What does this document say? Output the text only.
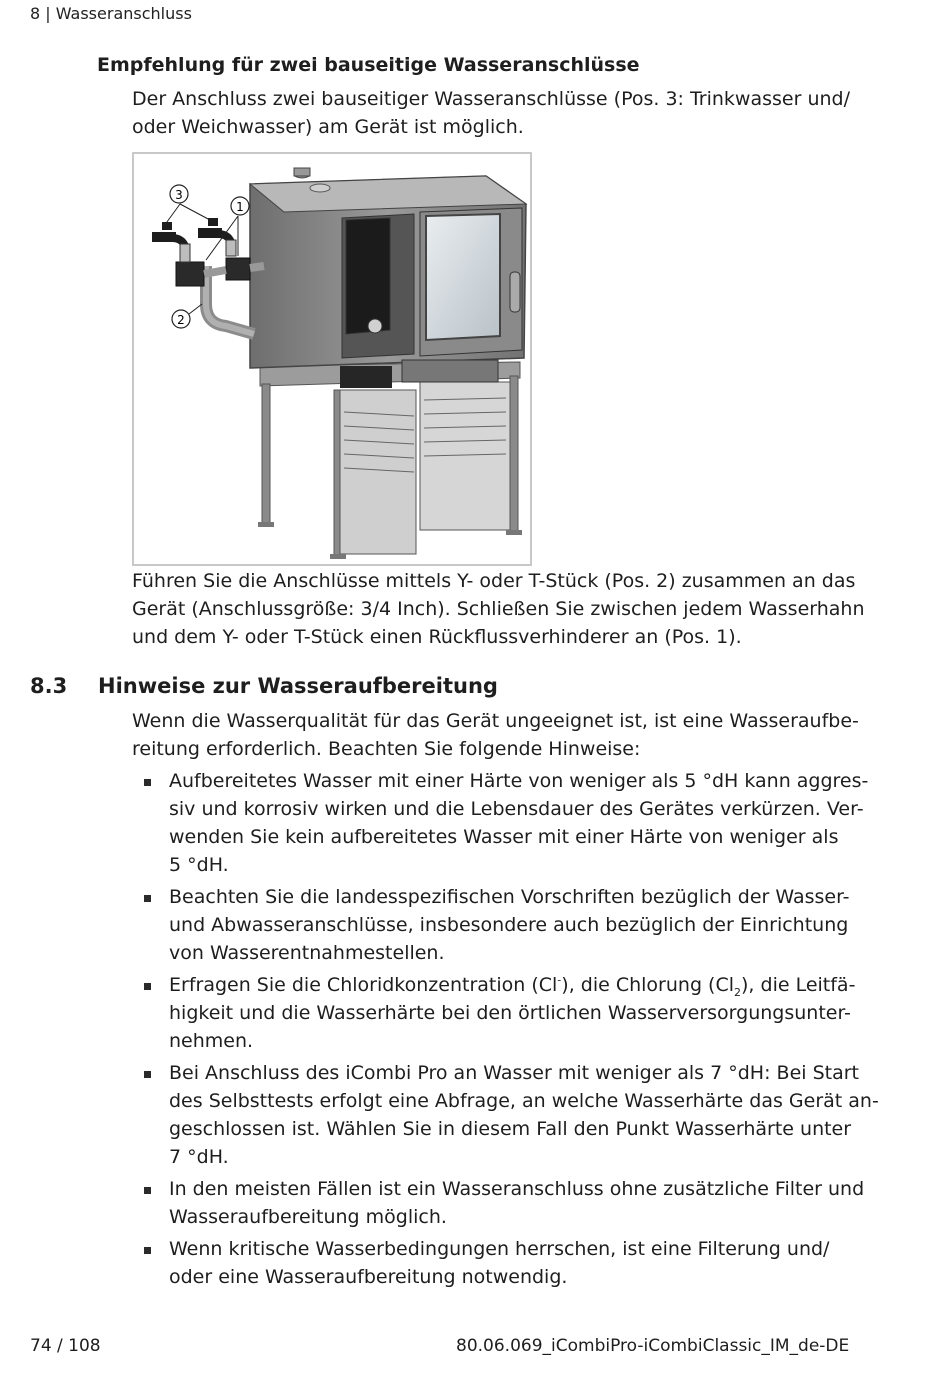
8 | Wasseranschluss
Empfehlung für zwei bauseitige Wasseranschlüsse
Der Anschluss zwei bauseitiger Wasseranschlüsse (Pos. 3: Trinkwasser und/
oder Weichwasser) am Gerät ist möglich.
3
1
2
Führen Sie die Anschlüsse mittels Y- oder T-Stück (Pos. 2) zusammen an das
Gerät (Anschlussgröße: 3/4 Inch). Schließen Sie zwischen jedem Wasserhahn
und dem Y- oder T-Stück einen Rückflussverhinderer an (Pos. 1).
8.3 Hinweise zur Wasseraufbereitung
Wenn die Wasserqualität für das Gerät ungeeignet ist, ist eine Wasseraufbe-
reitung erforderlich. Beachten Sie folgende Hinweise:
Aufbereitetes Wasser mit einer Härte von weniger als 5 °dH kann aggres-
siv und korrosiv wirken und die Lebensdauer des Gerätes verkürzen. Ver-
wenden Sie kein aufbereitetes Wasser mit einer Härte von weniger als
5 °dH.
Beachten Sie die landesspezifischen Vorschriften bezüglich der Wasser-
und Abwasseranschlüsse, insbesondere auch bezüglich der Einrichtung
von Wasserentnahmestellen.
Erfragen Sie die Chloridkonzentration (Cl-), die Chlorung $(Cl_2)$, die Leitfä-
higkeit und die Wasserhärte bei den örtlichen Wasserversorgungsunter-
nehmen.
Bei Anschluss des iCombi Pro an Wasser mit weniger als 7 °dH: Bei Start
des Selbsttests erfolgt eine Abfrage, an welche Wasserhärte das Gerät an-
geschlossen ist. Wählen Sie in diesem Fall den Punkt Wasserhärte unter
7 °dH.
In den meisten Fällen ist ein Wasseranschluss ohne zusätzliche Filter und
Wasseraufbereitung möglich.
Wenn kritische Wasserbedingungen herrschen, ist eine Filterung und/
oder eine Wasseraufbereitung notwendig.
74 / 108	80.06.069_iCombiPro-iCombiClassic_IM_de-DE
